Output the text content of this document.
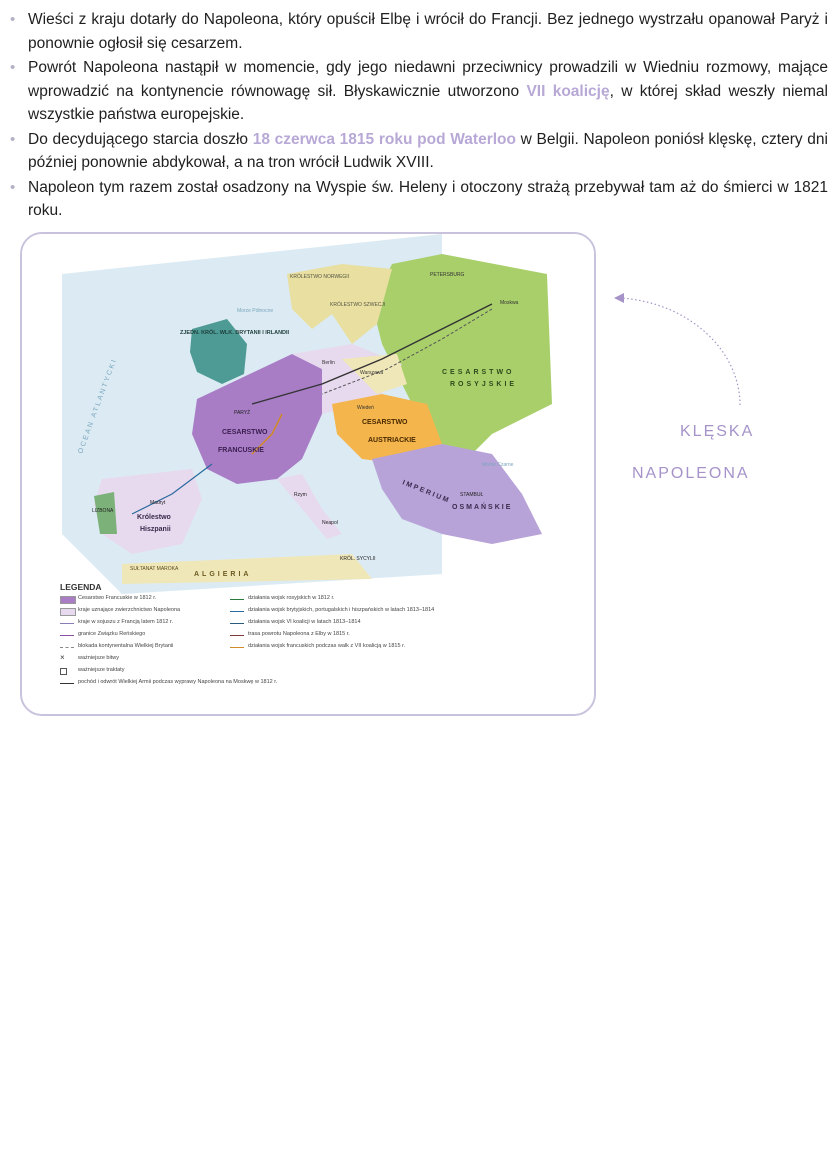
• Wieści z kraju dotarły do Napoleona, który opuścił Elbę i wrócił do Francji. Bez jednego wystrzału opanował Paryż i ponownie ogłosił się cesarzem.
• Powrót Napoleona nastąpił w momencie, gdy jego niedawni przeciwnicy prowadzili w Wiedniu rozmowy, mające wprowadzić na kontynencie równowagę sił. Błyskawicznie utworzono VII koalicję, w której skład weszły niemal wszystkie państwa europejskie.
• Do decydującego starcia doszło 18 czerwca 1815 roku pod Waterloo w Belgii. Napoleon poniósł klęskę, cztery dni później ponownie abdykował, a na tron wrócił Ludwik XVIII.
• Napoleon tym razem został osadzony na Wyspie św. Heleny i otoczony strażą przebywał tam aż do śmierci w 1821 roku.
OCEAN ATLANTYCKI
ZJEDN. KRÓL. WLK. BRYTANII I IRLANDII
Morze Północne
KRÓLESTWO NORWEGII
KRÓLESTWO SZWECJI
PETERSBURG
Moskwa
CESARSTWO
ROSYJSKIE
Warszawa
Berlin
CESARSTWO
FRANCUSKIE
PARYŻ
CESARSTWO
AUSTRIACKIE
Wiedeń
Królestwo
Hiszpanii
LIZBONA
Madryt	IMPERIUM
OSMAŃSKIE
STAMBUŁ
Morze Czarne
ALGIERIA
SUŁTANAT MAROKA
Rzym
Neapol
KRÓL. SYCYLII
LEGENDA
Cesarstwo Francuskie w 1812 r.
kraje uznające zwierzchnictwo Napoleona
kraje w sojuszu z Francją latem 1812 r.
granice Związku Reńskiego
blokada kontynentalna Wielkiej Brytanii
×	ważniejsze bitwy
ważniejsze traktaty
pochód i odwrót Wielkiej Armii podczas wyprawy Napoleona na Moskwę w 1812 r.
działania wojsk rosyjskich w 1812 r.
działania wojsk brytyjskich, portugalskich i hiszpańskich w latach 1813–1814
działania wojsk VI koalicji w latach 1813–1814
trasa powrotu Napoleona z Elby w 1815 r.
działania wojsk francuskich podczas walk z VII koalicją w 1815 r.
KLĘSKA
NAPOLEONA
